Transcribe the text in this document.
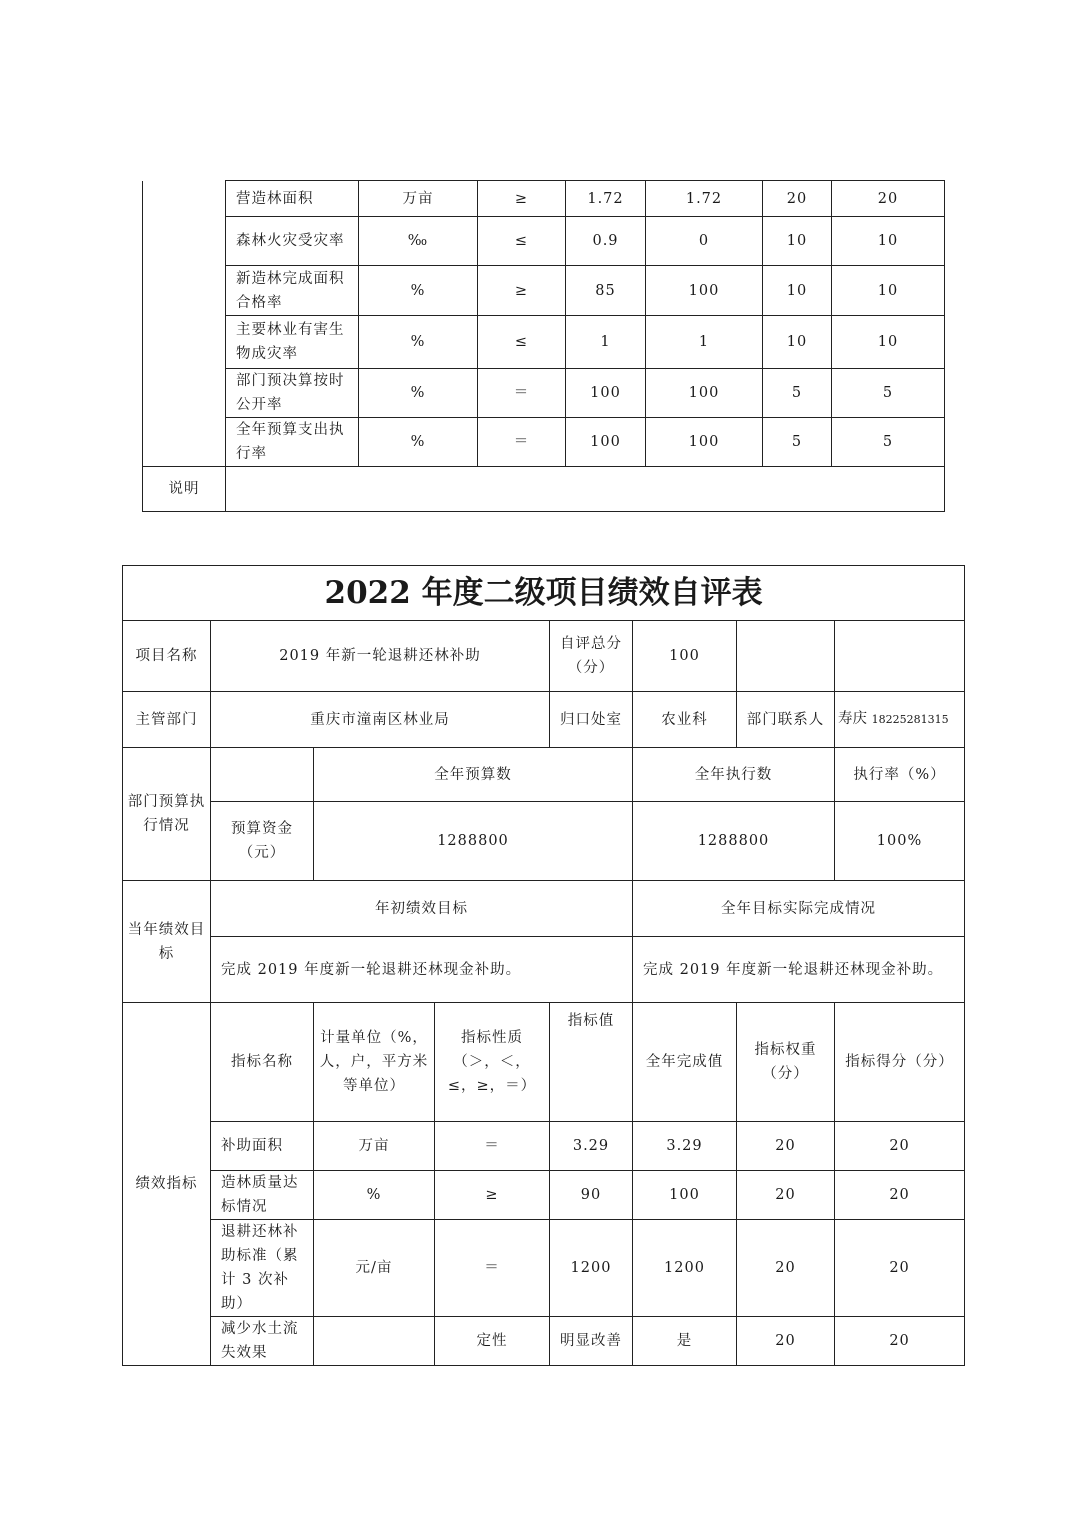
	营造林面积	万亩	≥	1.72	1.72	20	20
	森林火灾受灾率	‰	≤	0.9	0	10	10
	新造林完成面积合格率	%	≥	85	100	10	10
	主要林业有害生物成灾率	%	≤	1	1	10	10
	部门预决算按时公开率	%	＝	100	100	5	5
	全年预算支出执行率	%	＝	100	100	5	5
说明							
2022 年度二级项目绩效自评表							
项目名称	2019 年新一轮退耕还林补助			自评总分（分）	100		
主管部门	重庆市潼南区林业局			归口处室	农业科	部门联系人	寿庆 18225281315
部门预算执行情况		全年预算数			全年执行数		执行率（%）
	预算资金（元）	1288800			1288800		100%
当年绩效目标	年初绩效目标				全年目标实际完成情况		
	完成 2019 年度新一轮退耕还林现金补助。				完成 2019 年度新一轮退耕还林现金补助。		
绩效指标	指标名称	计量单位（%，人，户，平方米等单位）	指标性质（＞，＜，≤，≥，＝）	指标值	全年完成值	指标权重（分）	指标得分（分）
	补助面积	万亩	＝	3.29	3.29	20	20
	造林质量达标情况	%	≥	90	100	20	20
	退耕还林补助标准（累计 3 次补助）	元/亩	＝	1200	1200	20	20
	减少水土流失效果		定性	明显改善	是	20	20
